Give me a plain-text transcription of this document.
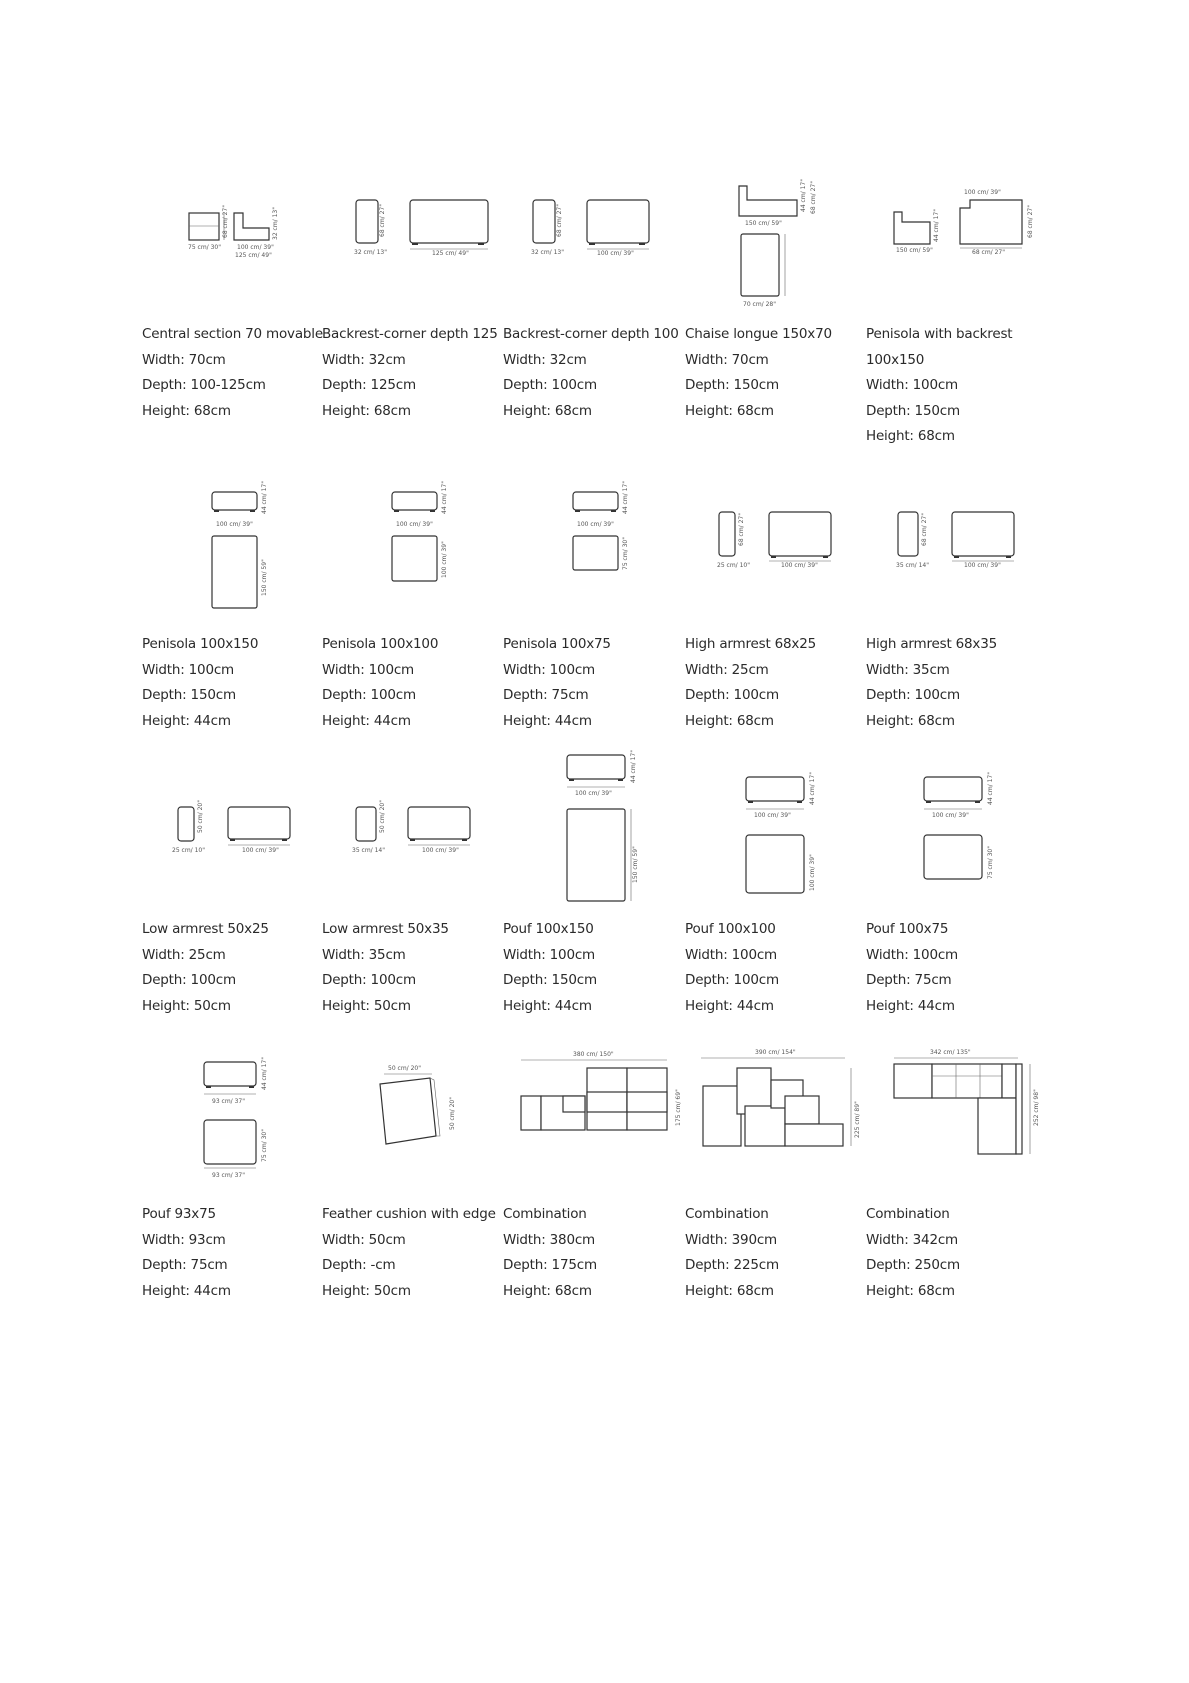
75 cm/ 30"
68 cm/ 27"
100 cm/ 39"
125 cm/ 49"
32 cm/ 13"
Central section 70 movable
Width: 70cm
Depth: 100-125cm
Height: 68cm
68 cm/ 27"
32 cm/ 13"	125 cm/ 49"
Backrest-corner depth 125
Width: 32cm
Depth: 125cm
Height: 68cm
68 cm/ 27"
32 cm/ 13"	100 cm/ 39"
Backrest-corner depth 100
Width: 32cm
Depth: 100cm
Height: 68cm
150 cm/ 59"
44 cm/ 17" 68 cm/ 27"
70 cm/ 28"
Chaise longue 150x70
Width: 70cm
Depth: 150cm
Height: 68cm
100 cm/ 39"
150 cm/ 59"
44 cm/ 17"
68 cm/ 27"
68 cm/ 27"
Penisola with backrest
100x150
Width: 100cm
Depth: 150cm
Height: 68cm
44 cm/ 17"
100 cm/ 39"
150 cm/ 59"
Penisola 100x150
Width: 100cm
Depth: 150cm
Height: 44cm
44 cm/ 17"
100 cm/ 39"
100 cm/ 39"
Penisola 100x100
Width: 100cm
Depth: 100cm
Height: 44cm
44 cm/ 17"
100 cm/ 39"
75 cm/ 30"
Penisola 100x75
Width: 100cm
Depth: 75cm
Height: 44cm
68 cm/ 27"
25 cm/ 10"	100 cm/ 39"
High armrest 68x25
Width: 25cm
Depth: 100cm
Height: 68cm
68 cm/ 27"
35 cm/ 14"	100 cm/ 39"
High armrest 68x35
Width: 35cm
Depth: 100cm
Height: 68cm
50 cm/ 20"
25 cm/ 10"	100 cm/ 39"
Low armrest 50x25
Width: 25cm
Depth: 100cm
Height: 50cm
50 cm/ 20"
35 cm/ 14"	100 cm/ 39"
Low armrest 50x35
Width: 35cm
Depth: 100cm
Height: 50cm
44 cm/ 17"
100 cm/ 39"
150 cm/ 59"
Pouf 100x150
Width: 100cm
Depth: 150cm
Height: 44cm
44 cm/ 17"
100 cm/ 39"
100 cm/ 39"
Pouf 100x100
Width: 100cm
Depth: 100cm
Height: 44cm
44 cm/ 17"
100 cm/ 39"
75 cm/ 30"
Pouf 100x75
Width: 100cm
Depth: 75cm
Height: 44cm
44 cm/ 17"
93 cm/ 37"
75 cm/ 30"
93 cm/ 37"
Pouf 93x75
Width: 93cm
Depth: 75cm
Height: 44cm
50 cm/ 20"
50 cm/ 20"
Feather cushion with edge
Width: 50cm
Depth: -cm
Height: 50cm
380 cm/ 150"
175 cm/ 69"
Combination
Width: 380cm
Depth: 175cm
Height: 68cm
390 cm/ 154"
225 cm/ 89"
Combination
Width: 390cm
Depth: 225cm
Height: 68cm
342 cm/ 135"
252 cm/ 98"
Combination
Width: 342cm
Depth: 250cm
Height: 68cm
